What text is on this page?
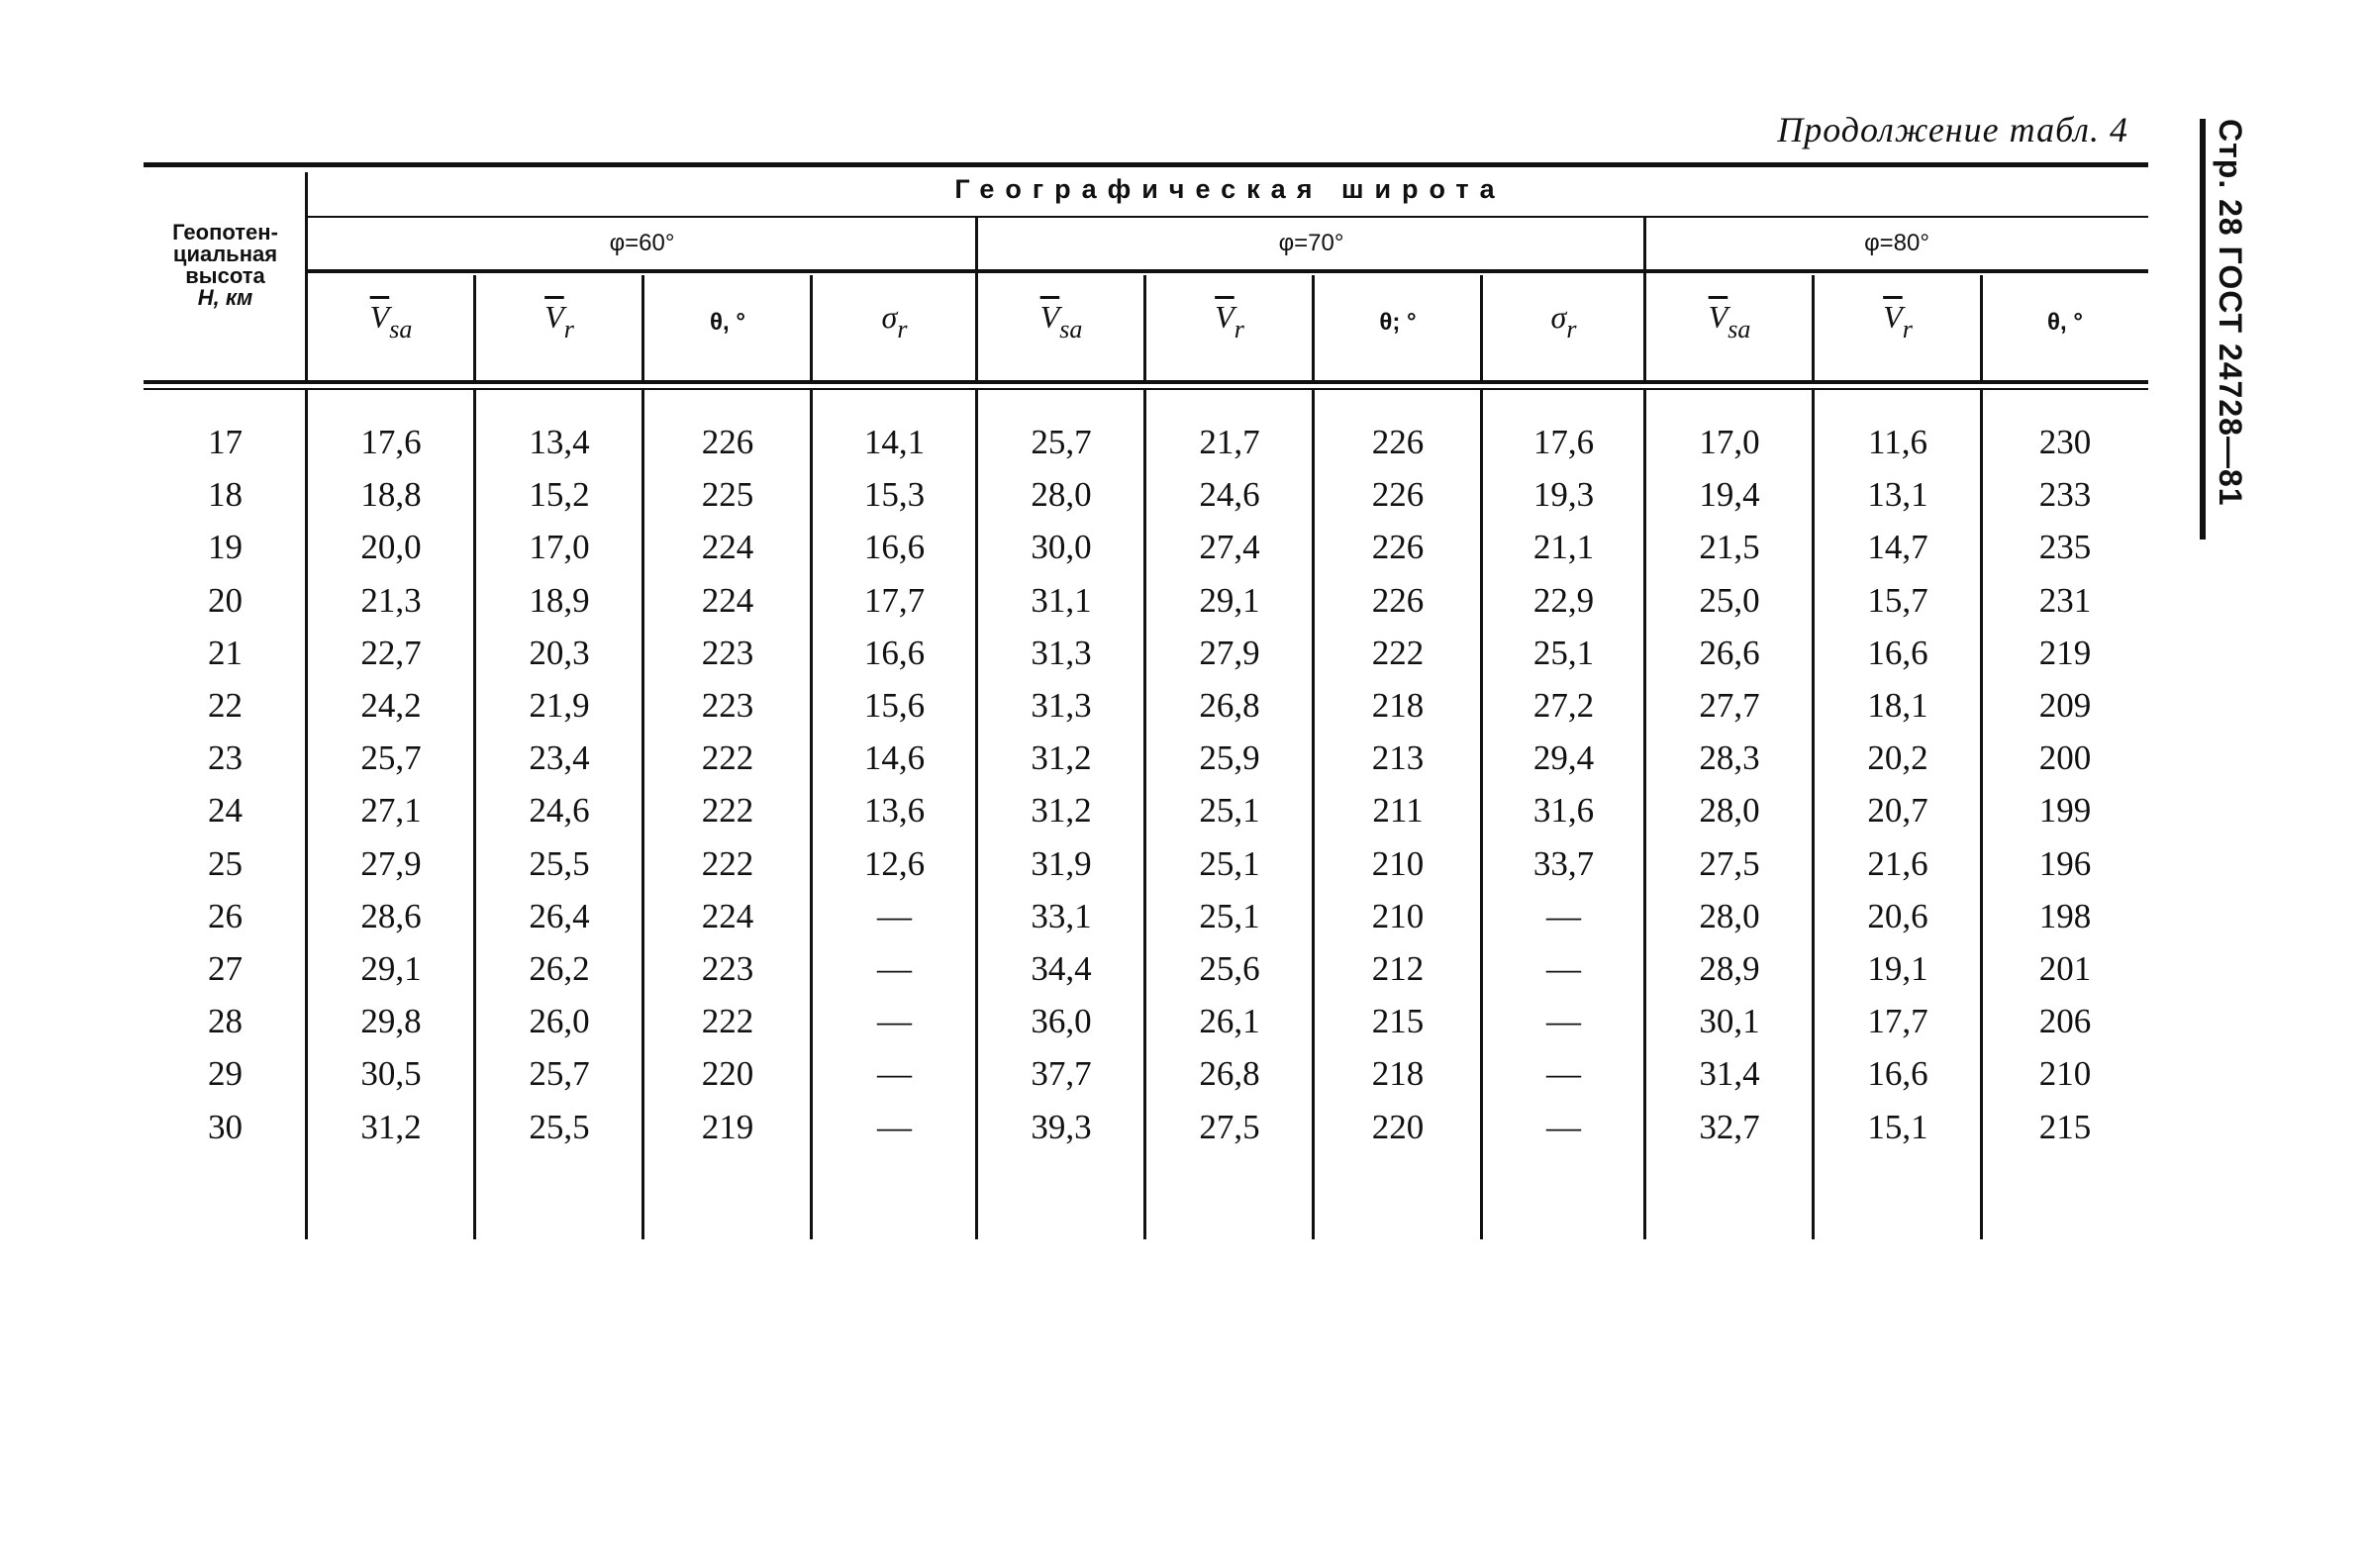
Продолжение табл. 4	Стр. 28 ГОСТ 24728—81
Географическая широта
Геопотен-
циальная
высота
H, км
φ=60°	φ=70°	φ=80°
$\overline{V}_{sa}$	$\overline{V}_r$	θ, °	$\sigma_r$	$\overline{V}_{sa}$	$\overline{V}_r$	θ; °	$\sigma_r$	$\overline{V}_{sa}$	$\overline{V}_r$	θ, °
17	17,6	13,4	226	14,1	25,7	21,7	226	17,6	17,0	11,6	230
18	18,8	15,2	225	15,3	28,0	24,6	226	19,3	19,4	13,1	233
19	20,0	17,0	224	16,6	30,0	27,4	226	21,1	21,5	14,7	235
20	21,3	18,9	224	17,7	31,1	29,1	226	22,9	25,0	15,7	231
21	22,7	20,3	223	16,6	31,3	27,9	222	25,1	26,6	16,6	219
22	24,2	21,9	223	15,6	31,3	26,8	218	27,2	27,7	18,1	209
23	25,7	23,4	222	14,6	31,2	25,9	213	29,4	28,3	20,2	200
24	27,1	24,6	222	13,6	31,2	25,1	211	31,6	28,0	20,7	199
25	27,9	25,5	222	12,6	31,9	25,1	210	33,7	27,5	21,6	196
26	28,6	26,4	224	—	33,1	25,1	210	—	28,0	20,6	198
27	29,1	26,2	223	—	34,4	25,6	212	—	28,9	19,1	201
28	29,8	26,0	222	—	36,0	26,1	215	—	30,1	17,7	206
29	30,5	25,7	220	—	37,7	26,8	218	—	31,4	16,6	210
30	31,2	25,5	219	—	39,3	27,5	220	—	32,7	15,1	215
